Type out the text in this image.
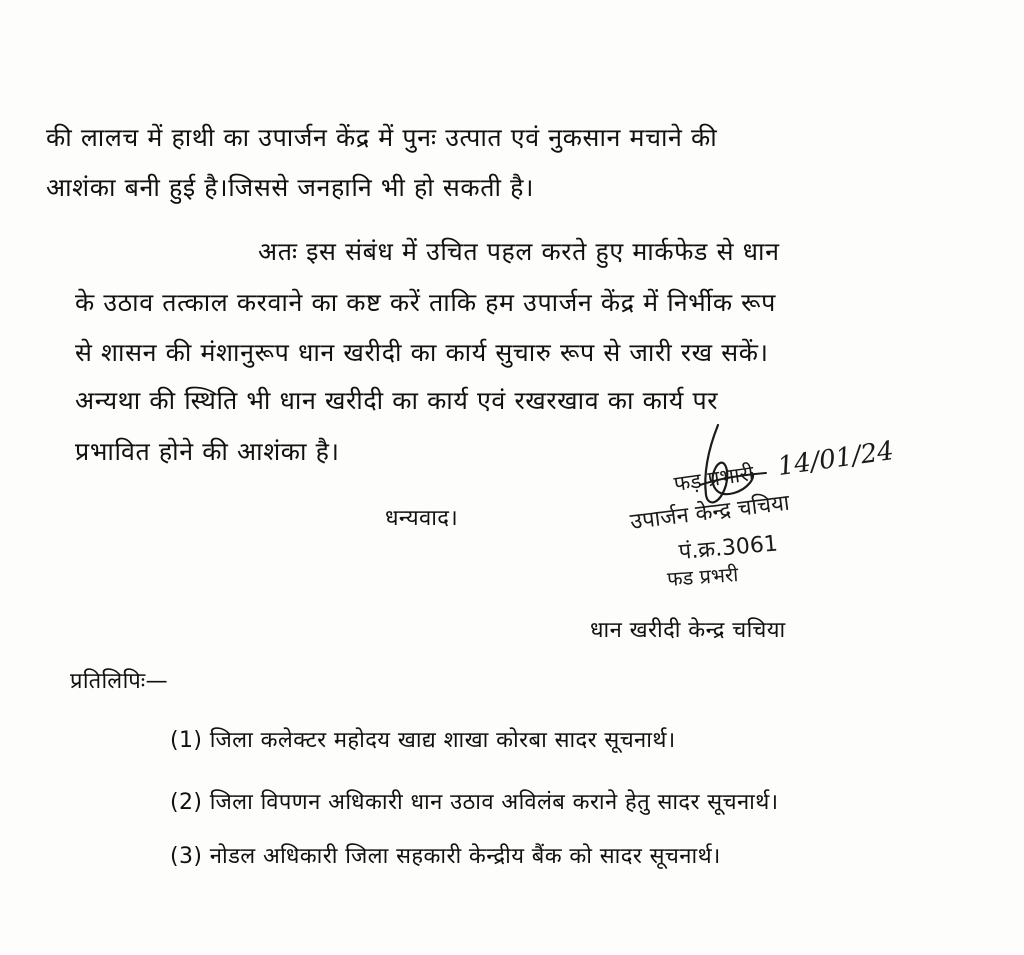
की लालच में हाथी का उपार्जन केंद्र में पुनः उत्पात एवं नुकसान मचाने की
आशंका बनी हुई है।जिससे जनहानि भी हो सकती है।
अतः इस संबंध में उचित पहल करते हुए मार्कफेड से धान
के उठाव तत्काल करवाने का कष्ट करें ताकि हम उपार्जन केंद्र में निर्भीक रूप
से शासन की मंशानुरूप धान खरीदी का कार्य सुचारु रूप से जारी रख सकें।
अन्यथा की स्थिति भी धान खरीदी का कार्य एवं रखरखाव का कार्य पर
प्रभावित होने की आशंका है।
धन्यवाद।
फड़ प्रभारी 14/01/24
उपार्जन केन्द्र चचिया
पं.क्र.3061
फड प्रभरी
धान खरीदी केन्द्र चचिया
प्रतिलिपिः—
(1) जिला कलेक्टर महोदय खाद्य शाखा कोरबा सादर सूचनार्थ।
(2) जिला विपणन अधिकारी धान उठाव अविलंब कराने हेतु सादर सूचनार्थ।
(3) नोडल अधिकारी जिला सहकारी केन्द्रीय बैंक को सादर सूचनार्थ।
